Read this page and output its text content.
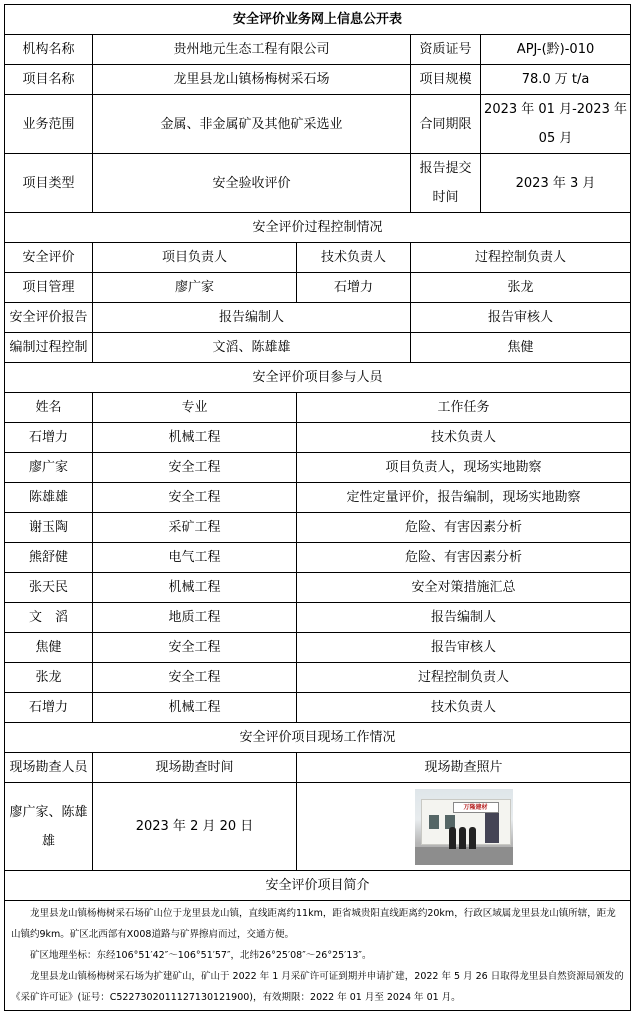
安全评价业务网上信息公开表				
机构名称	贵州地元生态工程有限公司		资质证号	APJ-(黔)-010
项目名称	龙里县龙山镇杨梅树采石场		项目规模	78.0 万 t/a
业务范围	金属、非金属矿及其他矿采选业		合同期限	2023 年 01 月-2023 年 05 月
项目类型	安全验收评价		报告提交时间	2023 年 3 月
安全评价过程控制情况				
安全评价	项目负责人	技术负责人	过程控制负责人	
项目管理	廖广家	石增力	张龙	
安全评价报告	报告编制人		报告审核人	
编制过程控制	文滔、陈雄雄		焦健	
安全评价项目参与人员				
姓名	专业	工作任务		
石增力	机械工程	技术负责人		
廖广家	安全工程	项目负责人，现场实地勘察		
陈雄雄	安全工程	定性定量评价，报告编制，现场实地勘察		
谢玉陶	采矿工程	危险、有害因素分析		
熊舒健	电气工程	危险、有害因素分析		
张天民	机械工程	安全对策措施汇总		
文　滔	地质工程	报告编制人		
焦健	安全工程	报告审核人		
张龙	安全工程	过程控制负责人		
石增力	机械工程	技术负责人		
安全评价项目现场工作情况				
现场勘查人员	现场勘查时间	现场勘查照片		
廖广家、陈雄雄	2023 年 2 月 20 日	万隆建材		

安全评价项目简介				

龙里县龙山镇杨梅树采石场矿山位于龙里县龙山镇，直线距离约11km，距省城贵阳直线距离约20km，行政区域属龙里县龙山镇所辖，距龙山镇约9km。矿区北西部有X008道路与矿界擦肩而过，交通方便。

矿区地理坐标：东经106°51′42″～106°51′57″，北纬26°25′08″～26°25′13″。

龙里县龙山镇杨梅树采石场为扩建矿山，矿山于 2022 年 1 月采矿许可证到期并申请扩建，2022 年 5 月 26 日取得龙里县自然资源局颁发的《采矿许可证》(证号：C5227302011127130121900)，有效期限：2022 年 01 月至 2024 年 01 月。				
